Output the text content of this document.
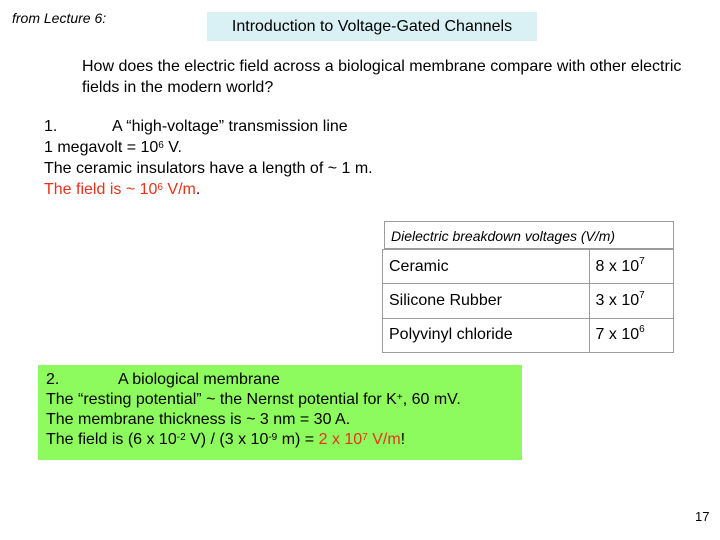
from Lecture 6:	Introduction to Voltage-Gated Channels
How does the electric field across a biological membrane compare with other electric fields in the modern world?
1.	A “high-voltage” transmission line
1 megavolt = $10^6$ V.
The ceramic insulators have a length of ~ 1 m.
The field is ~ $10^6$ V/m.
Dielectric breakdown voltages (V/m)
Ceramic	8 x $10^7$
Silicone Rubber	3 x $10^7$
Polyvinyl chloride	7 x $10^6$
2.	A biological membrane
The “resting potential” ~ the Nernst potential for K+, 60 mV.
The membrane thickness is ~ 3 nm = 30 A.
The field is (6 x $10^{-2}$ V) / (3 x $10^{-9}$ m) = 2 x $10^7$ V/m!
17
